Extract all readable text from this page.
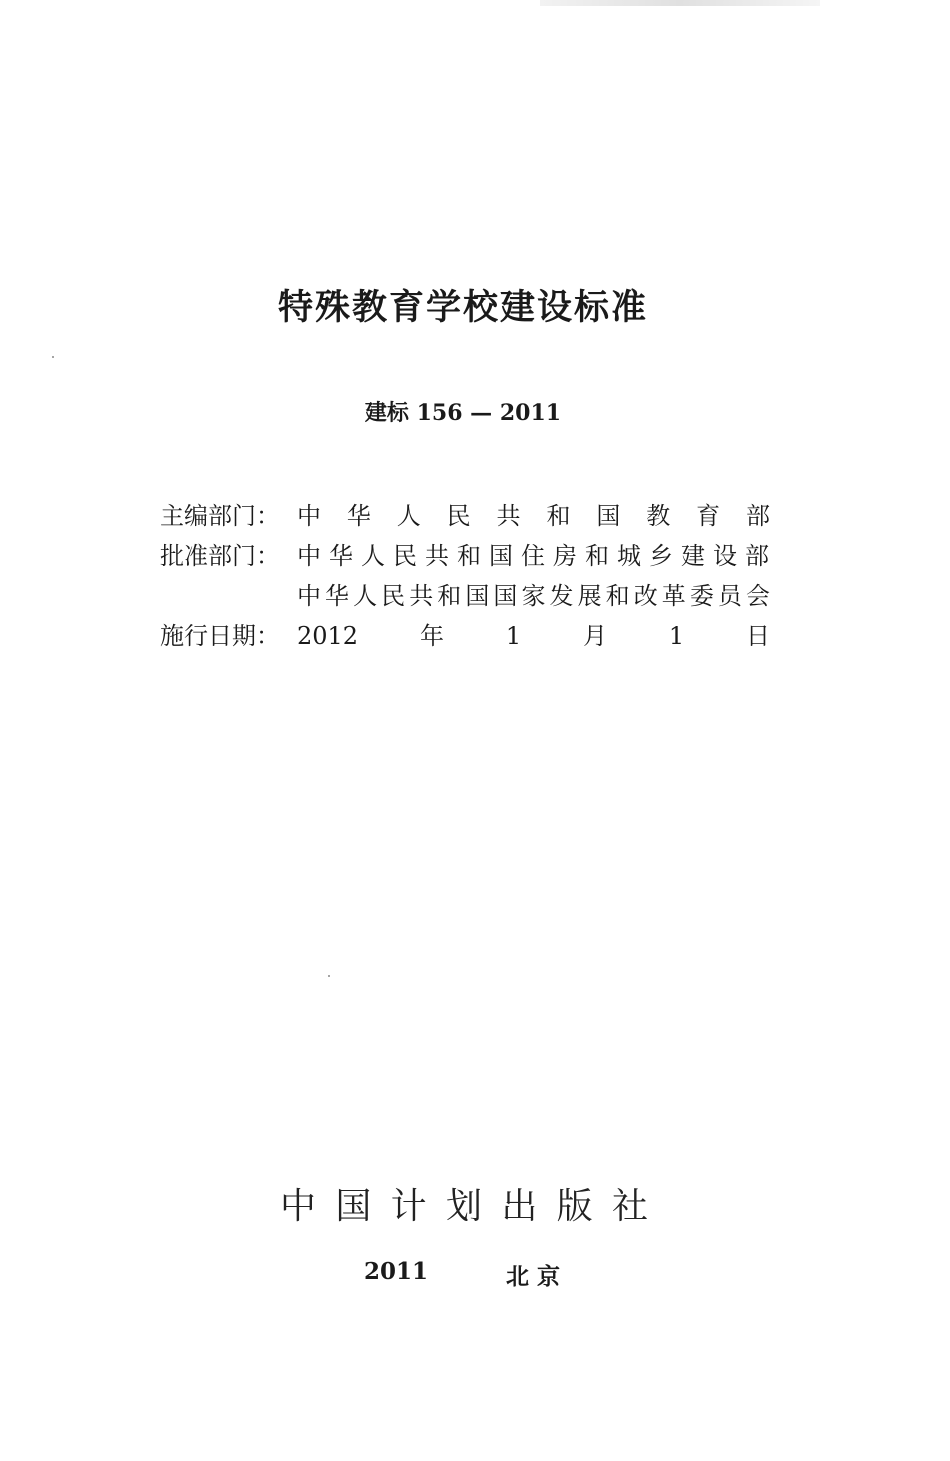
特殊教育学校建设标准
建标 156 — 2011
主编部门： 中华人民共和国教育部
批准部门： 中华人民共和国住房和城乡建设部
中华人民共和国国家发展和改革委员会
施行日期： 2012年1月1日
中国计划出版社
2011	北 京
